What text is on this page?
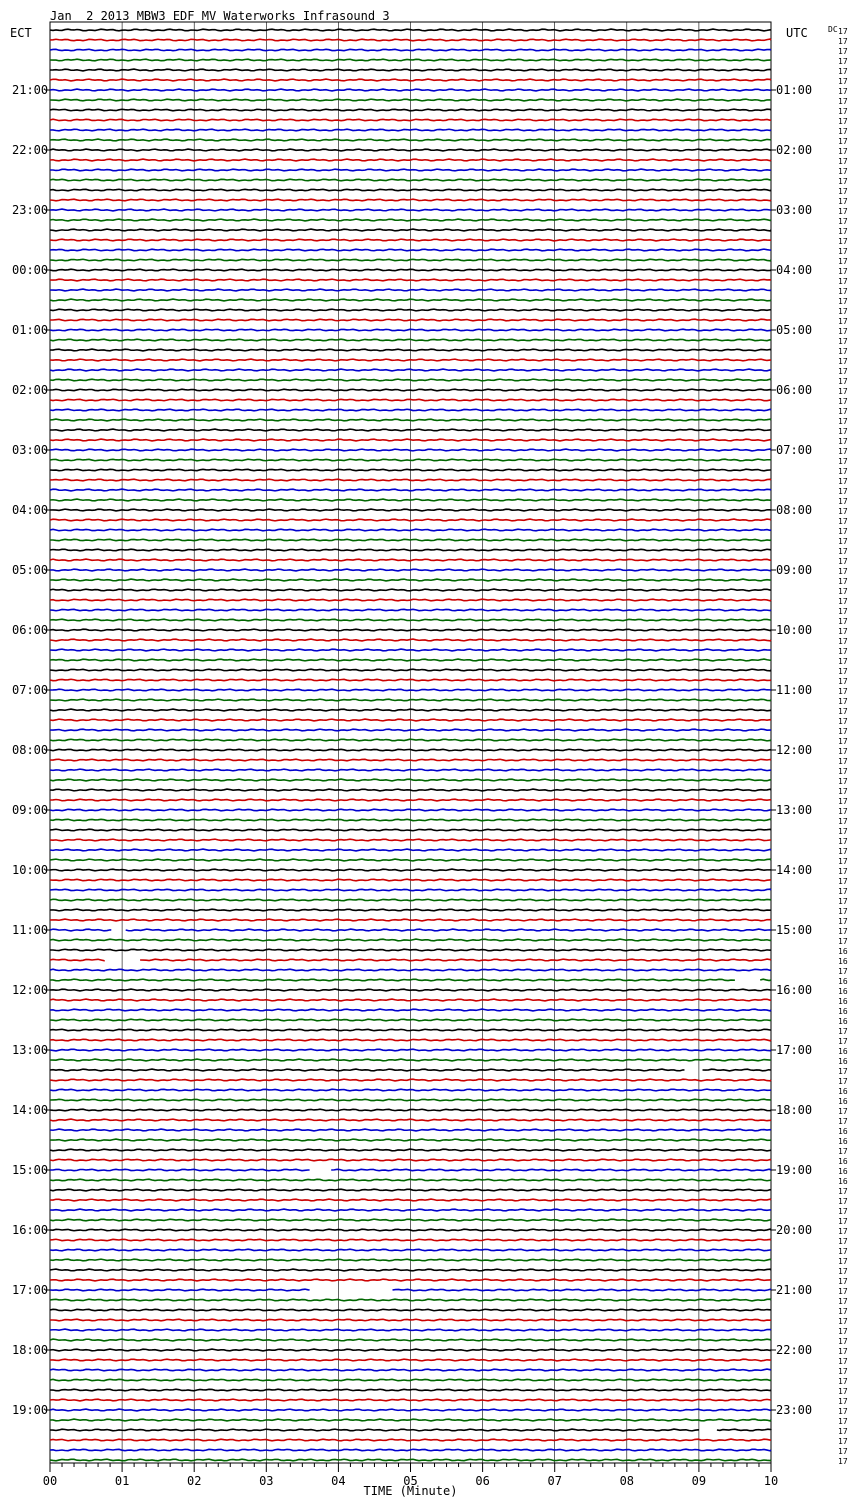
Jan  2 2013 MBW3 EDF MV Waterworks Infrasound 3
ECT	UTC	DC 17
17
17
17
17
17
17
17
17
17
17
17
17
17
17
17
17
17
17
17
17
17
17
17
17
17
17
17
17
17
17
17
17
17
17
17
17
17
17
17
17
17
17
17
17
17
17
17
17
17
17
17
17
17
17
17
17
17
17
17
17
17
17
17
17
17
17
17
17
17
17
17
17
17
17
17
17
17
17
17
17
17
17
17
17
17
17
17
17
17
17
17
16
16
17
16
16
16
16
16
17
17
16
16
17
17
16
16
17
17
16
16
17
16
16
16
17
17
17
17
17
17
17
17
17
17
17
17
17
17
17
17
17
17
17
17
17
17
17
17
17
17
17
17
21:00
22:00
23:00
00:00
01:00
02:00
03:00
04:00
05:00
06:00
07:00
08:00
09:00
10:00
11:00
12:00
13:00
14:00
15:00
16:00
17:00
18:00
19:00
01:00
02:00
03:00
04:00
05:00
06:00
07:00
08:00
09:00
10:00
11:00
12:00
13:00
14:00
15:00
16:00
17:00
18:00
19:00
20:00
21:00
22:00
23:00
00	01	02	03	04	05	06	07	08	09	10
TIME (Minute)
